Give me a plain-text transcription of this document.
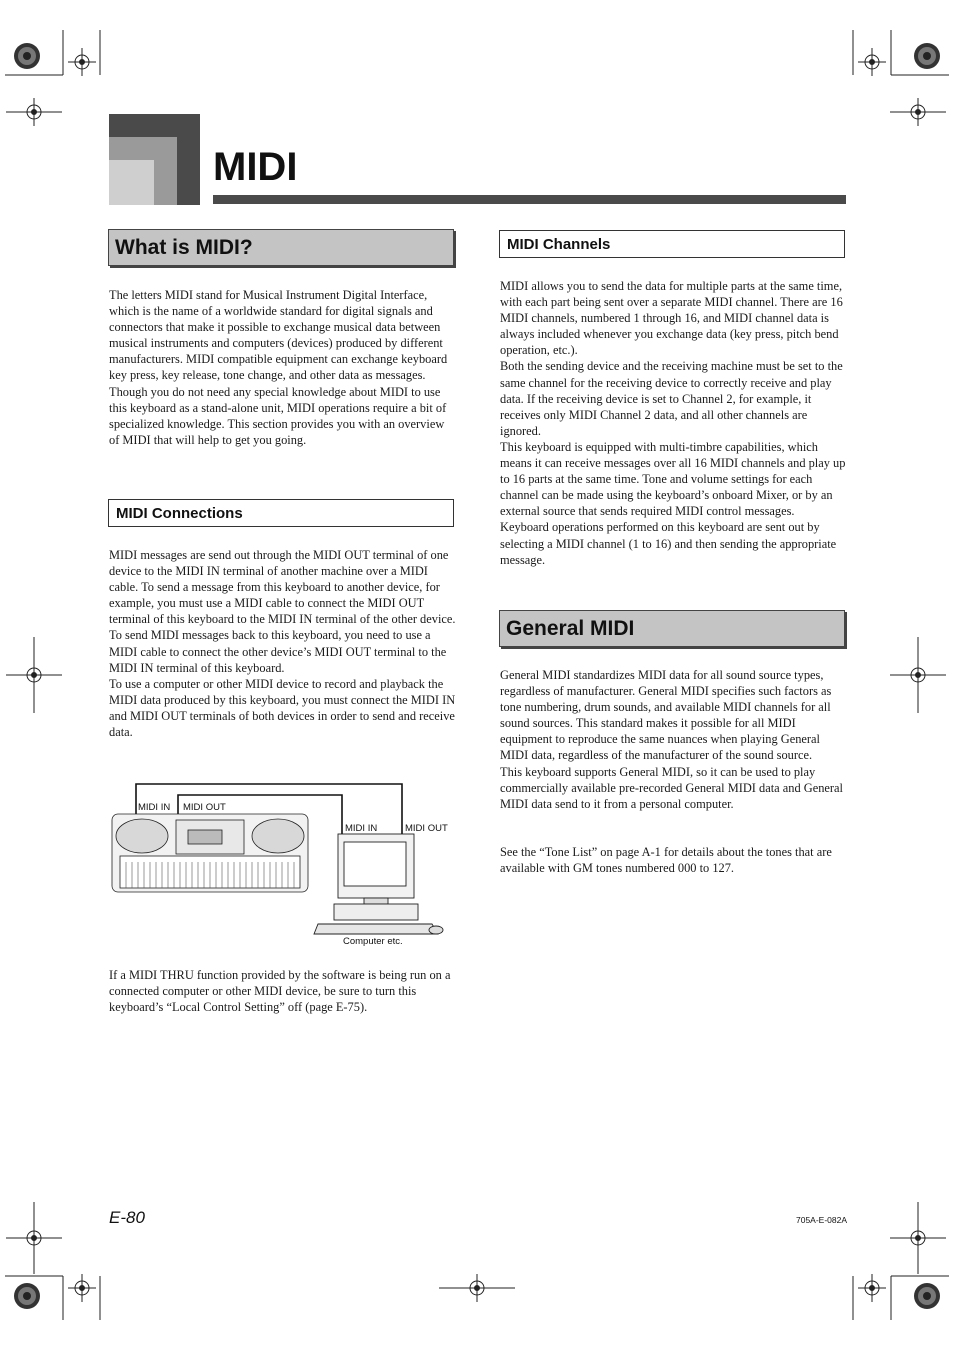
MIDI
What is MIDI?

The letters MIDI stand for Musical Instrument Digital Interface, which is the name of a worldwide standard for digital signals and connectors that make it possible to exchange musical data between musical instruments and computers (devices) produced by different manufacturers. MIDI compatible equipment can exchange keyboard key press, key release, tone change, and other data as messages. Though you do not need any special knowledge about MIDI to use this keyboard as a stand-alone unit, MIDI operations require a bit of specialized knowledge. This section provides you with an overview of MIDI that will help to get you going.

MIDI Connections

MIDI messages are send out through the MIDI OUT terminal of one device to the MIDI IN terminal of another machine over a MIDI cable. To send a message from this keyboard to another device, for example, you must use a MIDI cable to connect the MIDI OUT terminal of this keyboard to the MIDI IN terminal of the other device. To send MIDI messages back to this keyboard, you need to use a MIDI cable to connect the other device’s MIDI OUT terminal to the MIDI IN terminal of this keyboard.

To use a computer or other MIDI device to record and playback the MIDI data produced by this keyboard, you must connect the MIDI IN and MIDI OUT terminals of both devices in order to send and receive data.

MIDI IN MIDI OUT
MIDI IN	MIDI OUT
Computer etc.

If a MIDI THRU function provided by the software is being run on a connected computer or other MIDI device, be sure to turn this keyboard’s “Local Control Setting” off (page E-75).

MIDI Channels

MIDI allows you to send the data for multiple parts at the same time, with each part being sent over a separate MIDI channel. There are 16 MIDI channels, numbered 1 through 16, and MIDI channel data is always included whenever you exchange data (key press, pitch bend operation, etc.).

Both the sending device and the receiving machine must be set to the same channel for the receiving device to correctly receive and play data. If the receiving device is set to Channel 2, for example, it receives only MIDI Channel 2 data, and all other channels are ignored.

This keyboard is equipped with multi-timbre capabilities, which means it can receive messages over all 16 MIDI channels and play up to 16 parts at the same time. Tone and volume settings for each channel can be made using the keyboard’s onboard Mixer, or by an external source that sends required MIDI control messages.

Keyboard operations performed on this keyboard are sent out by selecting a MIDI channel (1 to 16) and then sending the appropriate message.

General MIDI

General MIDI standardizes MIDI data for all sound source types, regardless of manufacturer. General MIDI specifies such factors as tone numbering, drum sounds, and available MIDI channels for all sound sources. This standard makes it possible for all MIDI equipment to reproduce the same nuances when playing General MIDI data, regardless of the manufacturer of the sound source.

This keyboard supports General MIDI, so it can be used to play commercially available pre-recorded General MIDI data and General MIDI data send to it from a personal computer.

See the “Tone List” on page A-1 for details about the tones that are available with GM tones numbered 000 to 127.

E-80	705A-E-082A
